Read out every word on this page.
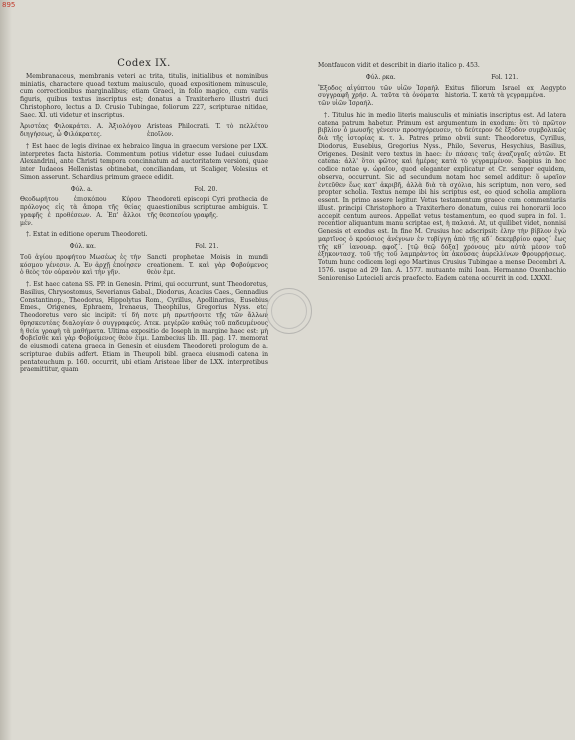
895
Codex IX.

Membranaceus, membranis veteri ac trita, titulis, initialibus et nominibus miniatis, charactere quoad textum maiusculo, quoad expositionem minuscule, cum correctionibus marginalibus; etiam Graeci, in folio magico, cum variis figuris, quibus textus inscriptus est; donatus a Traxiterhero illustri duci Christophoro, lectus a D. Crusio Tubingae, foliorum 227, scripturae nitidae, Saec. XI. uti videtur et inscriptus.

Ἀριστέας Φιλοκράτει. Α. Ἀξιολόγου διηγήσεως, ὦ Φιλόκρατες.
Aristeas Philocrati. T. τὸ πελλέτου ἐποῖλον.

† Est haec de legis divinae ex hebraico lingua in graecum versione per LXX. interpretes facta historia. Commentum potius videtur esse Iudaei cuiusdam Alexandrini, ante Christi tempora concinnatum ad auctoritatem versioni, quae inter Iudaeos Hellenistas obtinebat, conciliandam, ut Scaliger, Volesius et Simon asserunt. Schardius primum graece edidit.

Φύλ. a.	Fol. 20.
Θεοδωρήτου ἐπισκόπου Κύρου πρόλογος εἰς τὰ ἄπορα τῆς θείας γραφῆς ἐ προθέσεων. Α. Ἐπ' ἄλλοι μέν.
Theodoreti episcopi Cyri prothecia de quaestionibus scripturae ambiguis. T. τῆς θεσπεσίου γραφῆς.

†. Extat in editione operum Theodoreti.

Φύλ. κα.	Fol. 21.
Τοῦ ἁγίου προφήτου Μωσέως ἐς τὴν κόσμου γένεσιν. Α. Ἐν ἀρχῇ ἐποίησεν ὁ θεὸς τὸν οὐρανὸν καὶ τὴν γῆν.
Sancti prophetae Moisis in mundi creationem. T. καὶ γὰρ Φοβούμενος θεὸν ἐμε.

†. Est haec catena SS. PP. in Genesin. Primi, qui occurrunt, sunt Theodoretus, Basilius, Chrysostomus, Severianus Gabal., Diodorus, Acacius Caes., Gennadius Constantinop., Theodorus, Hippolytus Rom., Cyrillus, Apollinarius, Eusebius Emes., Origenes, Ephraem, Irenaeus, Theophilus, Gregorius Nyss. etc. Theodoretus vero sic incipit: τί δή ποτε μὴ πρωτήσοιτε τῇς τῶν ἄλλων θρησκευτέας διαλογίαν ὁ συγγραφεύς. Ατεκ. μεγέρῶν καθώς τοῦ παδευμένους ἡ θεία γραφὴ τὰ μαθήματα. Ultima expositio de Ioseph in margine haec est: μὴ Φοβεῖσθε καὶ γὰρ Φοβούμενος θεὸν ἐιμι. Lambecius lib. III. pag. 17. memorat de eiusmodi catena graeca in Genesin et eiusdem Theodoreti prologum de a. scripturae dubiis adfert. Etiam in Theupoli bibl. graeca eiusmodi catena in pentateuchum p. 160. occurrit, ubi etiam Aristeae liber de LXX. interpretibus praemittitur, quam

Montfaucon vidit et describit in diario italico p. 453.

Φύλ. ρκα.	Fol. 121.
Ἔξοδος αἰγύπτου τῶν υἱῶν Ἰσραὴλ συγγραφῆ χρήσ. Α. ταῦτα τὰ ὀνόματα τῶν υἱῶν Ἰσραήλ.
Exitus filiorum Israel ex Aegypto historia. T. κατὰ τὰ γεγραμμένα.

†. Titulus hic in medio literis maiusculis et miniatis inscriptus est. Ad latera catena patrum habetur. Primum est argumentum in exodum: ὅτι τὸ πρῶτον βιβλίον ὁ μωυσῆς γένεσιν προσηγόρευσεν, τὸ δεύτερον δὲ ἔξοδον συμβολικῶς διὰ τῆς ἱστορίας κ. τ. λ. Patres primo obvii sunt: Theodoretus, Cyrillus, Diodorus, Eusebius, Gregorius Nyss., Philo, Severus, Hesychius, Basilius, Origenes. Desinit vero textus in haec: ἐν πάσαις ταῖς ἀναζυγαῖς αὐτῶν. Et catena: ἀλλ' ὅτοι φῶτος καὶ ἡμέρας κατὰ τὸ γεγραμμένον. Saepius in hoc codice notae ψ. ὠραῖον, quod eleganter explicatur et Cr. semper equidem, observa, occurrunt. Sic ad secundum notam hoc semel additur: ὅ ωραῖον ἐντεῦθεν ἕως κατ' ἀκριβῆ, ἀλλὰ διὰ τὰ σχόλια, his scriptum, non vero, sed propter scholia. Textus nempe ibi his scriptus est, eo quod scholia ampliora essent. In primo assere legitur. Vetus testamentum graece cum commentariis illust. principi Christophoro a Traxiterhero donatum, cuius rei honorarii loco accepit centum aureos. Appellat vetus testamentum, eo quod supra in fol. 1. recentior aliquantum manu scriptae est, ἡ παλαιά. At, ut quilibet videt, nonnisi Genesis et exodus est. In fine M. Crusius hoc adscripsit: ἐλην τὴν βίβλον ἐγὼ μαρτῖνος ὁ κρούσιος ἀνέγνων ἐν τυβίγγῃ ἀπὸ τῆς κδ΄ δεκεμβρίου ᾳφος΄ ἕως τῆς κθ΄ ἰανουαρ. ᾳφοζ΄. [τῷ θεῷ δόξα] χρόνους μὲν αὐτὰ μέσον τοῦ ἐξηκοντασχ. τοῦ τῆς τοῦ λαμπρὰντος ὑπ ἀκούσας ἀυρελλίνων Φρουρρήσεως. Totum hunc codicem legi ego Martinus Crusius Tubingae a mense Decembri A. 1576. usque ad 29 Ian. A. 1577. mutuante mihi Ioan. Hermanno Oxenbachio Senioreniso Lutecieli arcis praefecto. Eadem catena occurrit in cod. LXXXI.
